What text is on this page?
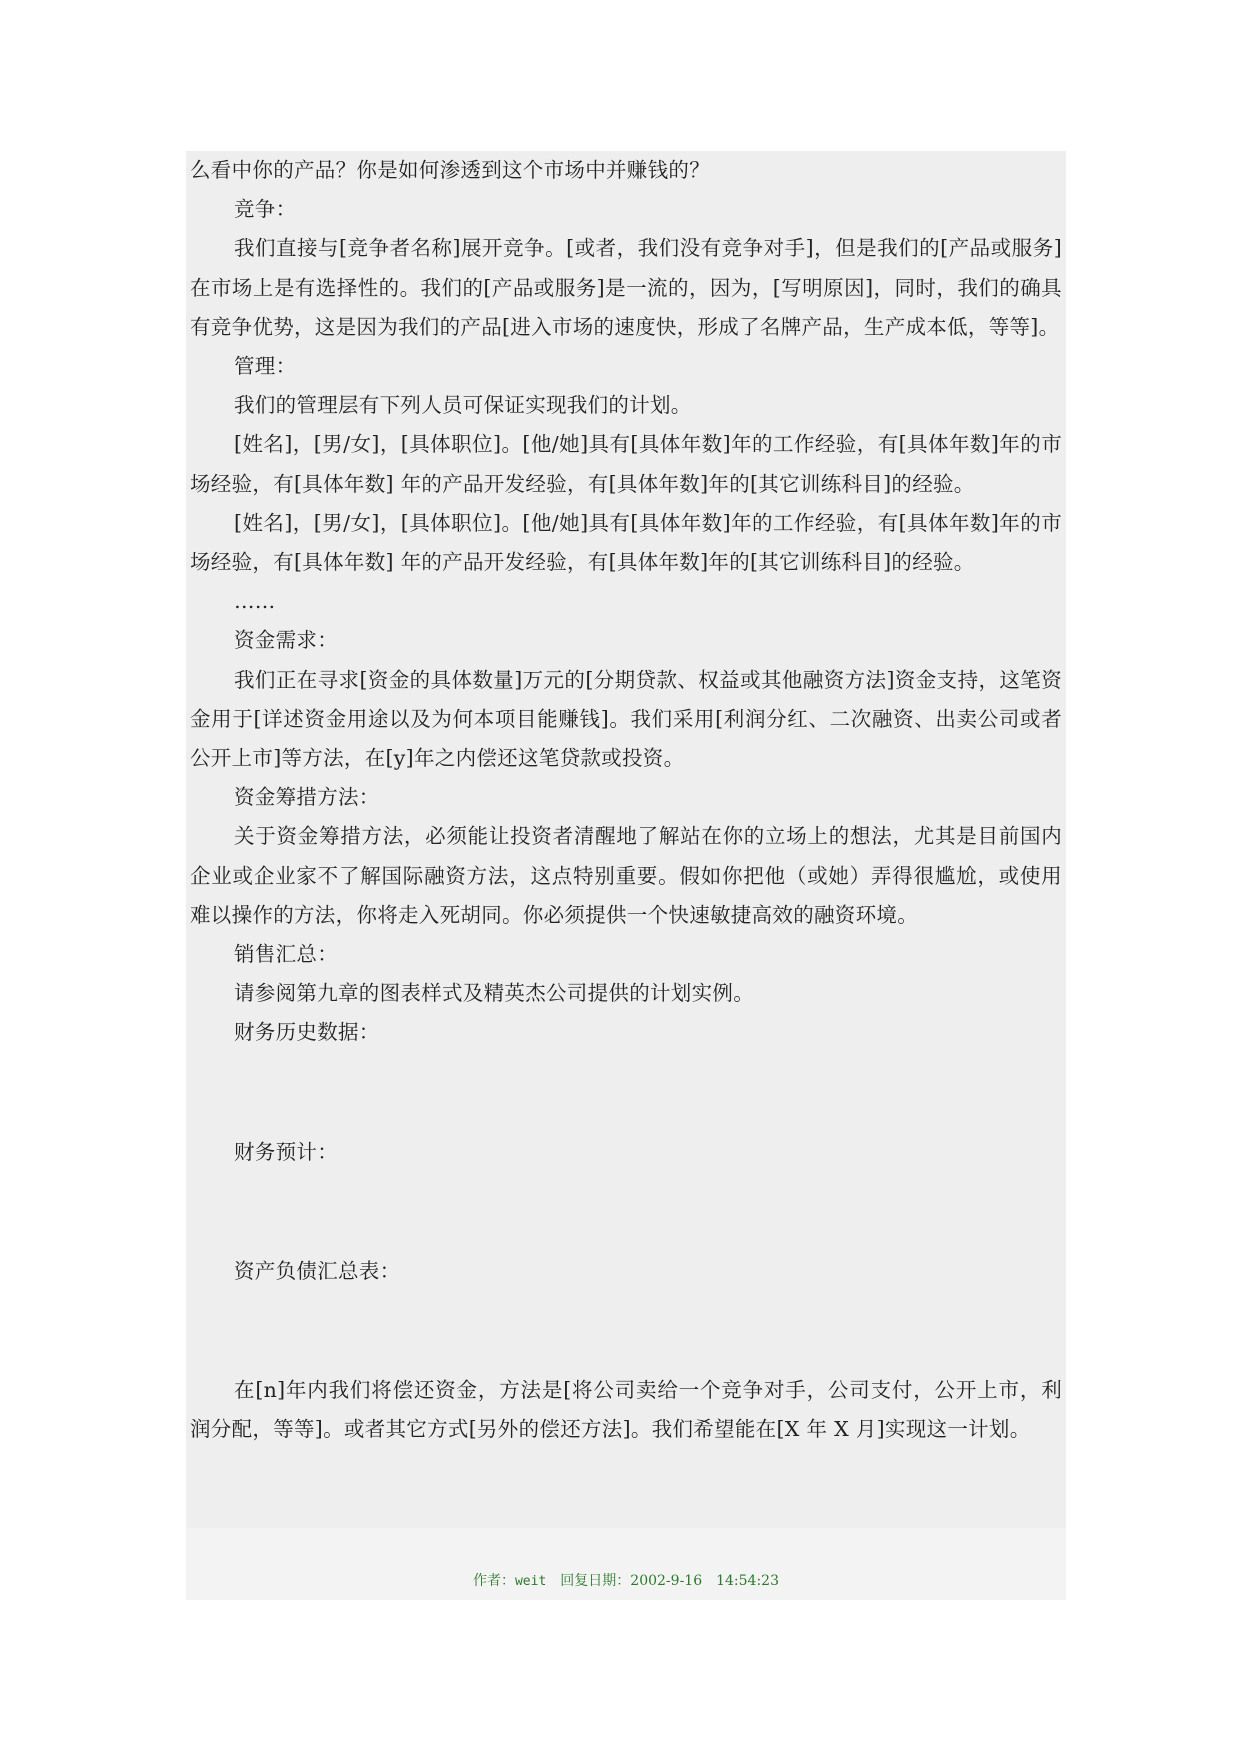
么看中你的产品？你是如何渗透到这个市场中并赚钱的？

竞争：

我们直接与[竞争者名称]展开竞争。[或者，我们没有竞争对手]，但是我们的[产品或服务]在市场上是有选择性的。我们的[产品或服务]是一流的，因为，[写明原因]，同时，我们的确具有竞争优势，这是因为我们的产品[进入市场的速度快，形成了名牌产品，生产成本低，等等]。

管理：

我们的管理层有下列人员可保证实现我们的计划。

[姓名]，[男/女]，[具体职位]。[他/她]具有[具体年数]年的工作经验，有[具体年数]年的市场经验，有[具体年数] 年的产品开发经验，有[具体年数]年的[其它训练科目]的经验。

[姓名]，[男/女]，[具体职位]。[他/她]具有[具体年数]年的工作经验，有[具体年数]年的市场经验，有[具体年数] 年的产品开发经验，有[具体年数]年的[其它训练科目]的经验。

……

资金需求：

我们正在寻求[资金的具体数量]万元的[分期贷款、权益或其他融资方法]资金支持，这笔资金用于[详述资金用途以及为何本项目能赚钱]。我们采用[利润分红、二次融资、出卖公司或者公开上市]等方法，在[y]年之内偿还这笔贷款或投资。

资金筹措方法：

关于资金筹措方法，必须能让投资者清醒地了解站在你的立场上的想法，尤其是目前国内企业或企业家不了解国际融资方法，这点特别重要。假如你把他（或她）弄得很尴尬，或使用难以操作的方法，你将走入死胡同。你必须提供一个快速敏捷高效的融资环境。

销售汇总：

请参阅第九章的图表样式及精英杰公司提供的计划实例。

财务历史数据：

财务预计：

资产负债汇总表：

在[n]年内我们将偿还资金，方法是[将公司卖给一个竞争对手，公司支付，公开上市，利润分配，等等]。或者其它方式[另外的偿还方法]。我们希望能在[X 年 X 月]实现这一计划。

作者：weit 回复日期：2002-9-16 14:54:23
